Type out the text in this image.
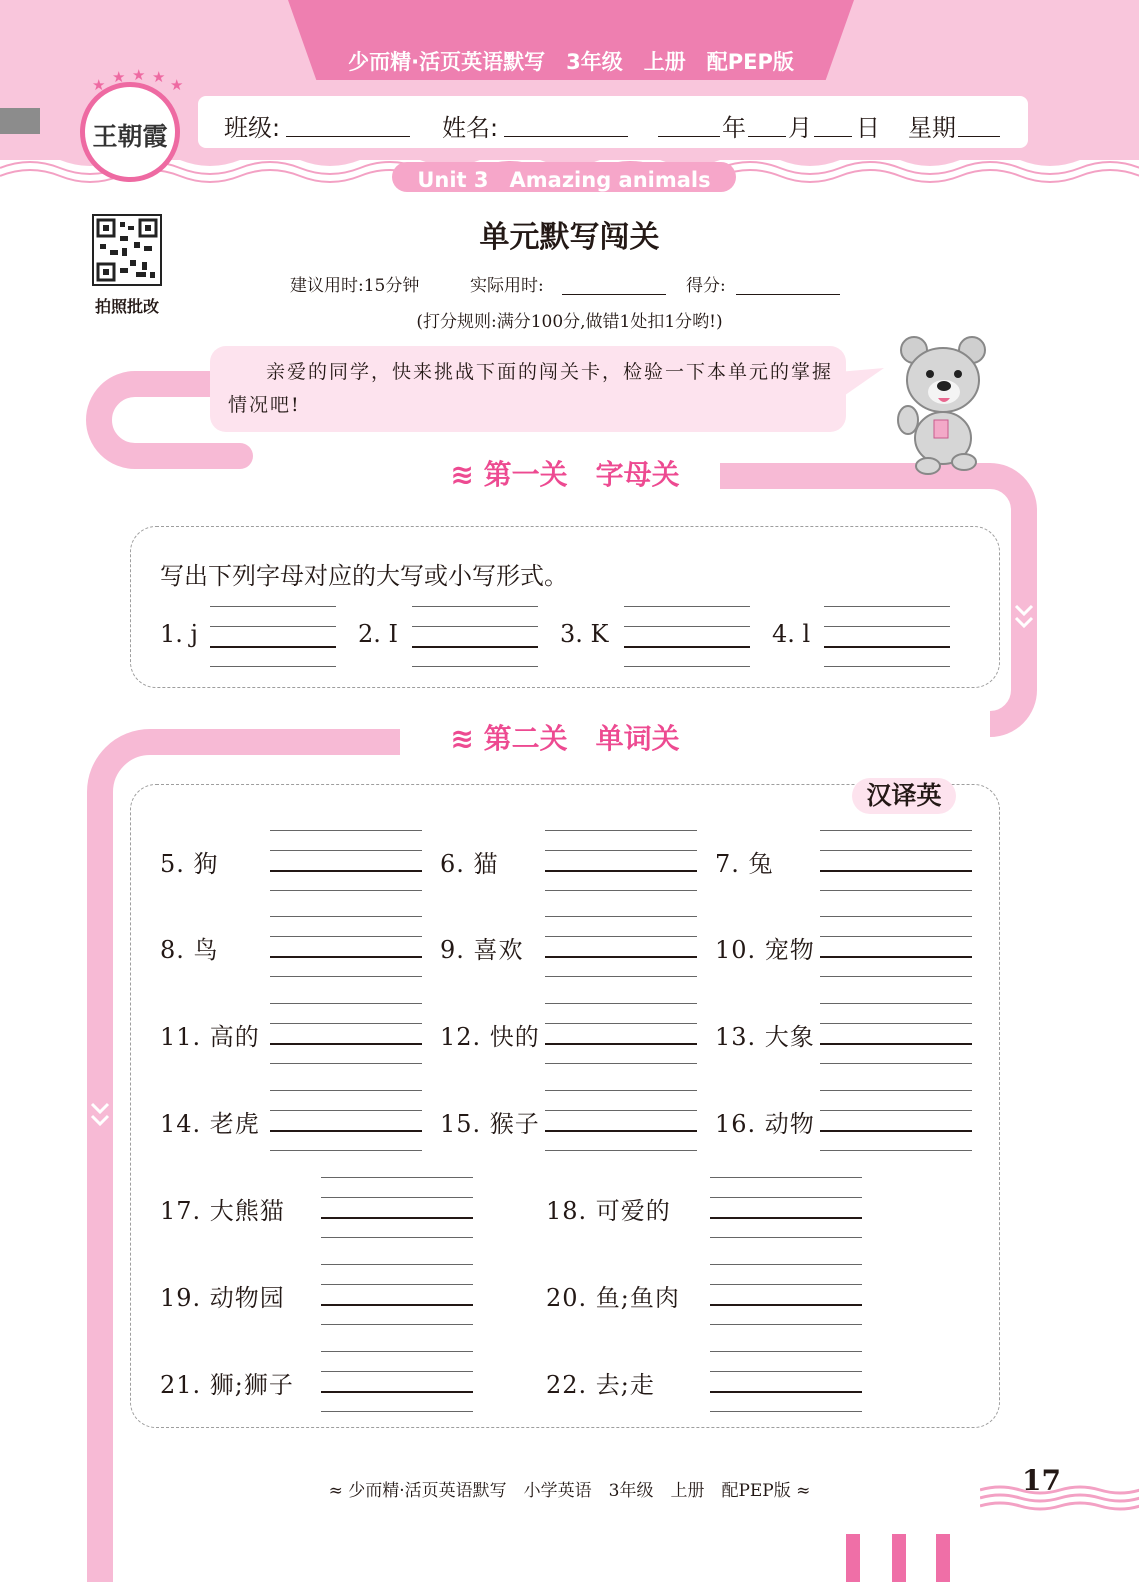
少而精·活页英语默写　3年级　上册　配PEP版
王朝霞
★ ★ ★ ★ ★
班级:	姓名:	年 月 日 星期
Unit 3　Amazing animals
拍照批改
单元默写闯关
建议用时:15分钟	实际用时:	得分:
(打分规则:满分100分,做错1处扣1分哟!)
亲爱的同学，快来挑战下面的闯关卡，检验一下本单元的掌握情况吧!
≋ 第一关　字母关
写出下列字母对应的大写或小写形式。
1. j	2. I	3. K	4. l
≋ 第二关　单词关
汉译英
5. 狗	6. 猫	7. 兔
8. 鸟	9. 喜欢	10. 宠物
11. 高的	12. 快的	13. 大象
14. 老虎	15. 猴子	16. 动物
17. 大熊猫	18. 可爱的
19. 动物园	20. 鱼;鱼肉
21. 狮;狮子	22. 去;走
≈ 少而精·活页英语默写　小学英语　3年级　上册　配PEP版 ≈	17
